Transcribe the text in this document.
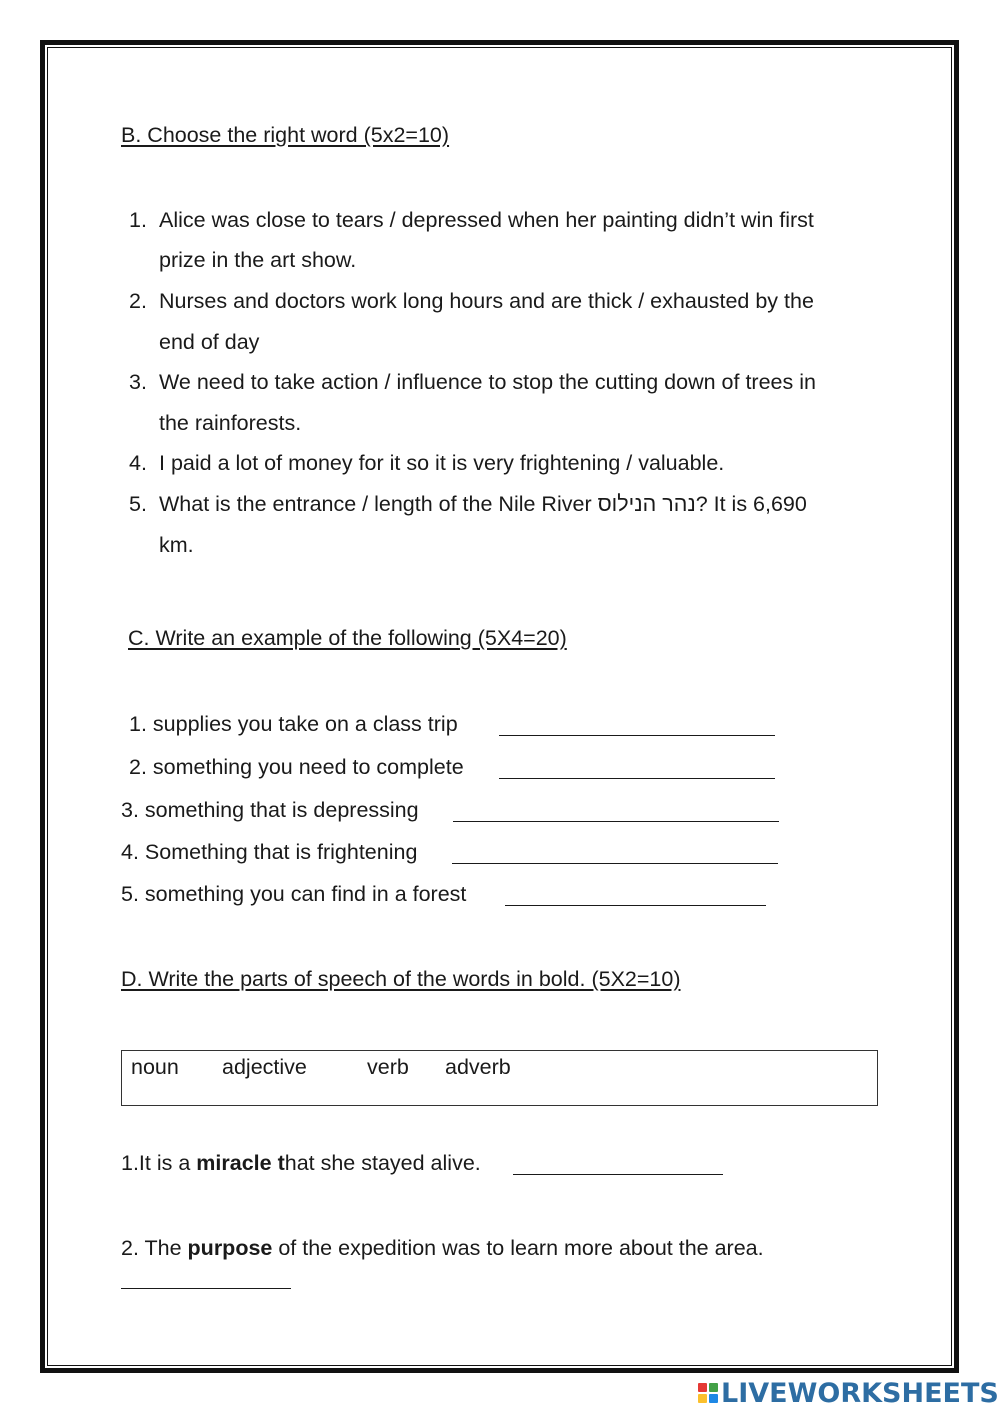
B. Choose the right word (5x2=10)
1. Alice was close to tears / depressed when her painting didn’t win first
prize in the art show.
2. Nurses and doctors work long hours and are thick / exhausted by the
end of day
3. We need to take action / influence to stop the cutting down of trees in
the rainforests.
4. I paid a lot of money for it so it is very frightening / valuable.
5. What is the entrance / length of the Nile River נהר הנילוס? It is 6,690
km.
C. Write an example of the following (5X4=20)
1. supplies you take on a class trip
2. something you need to complete
3. something that is depressing
4. Something that is frightening
5. something you can find in a forest
D. Write the parts of speech of the words in bold. (5X2=10)
noun adjective	verb adverb
1.It is a miracle that she stayed alive.
2. The purpose of the expedition was to learn more about the area.
LIVEWORKSHEETS
